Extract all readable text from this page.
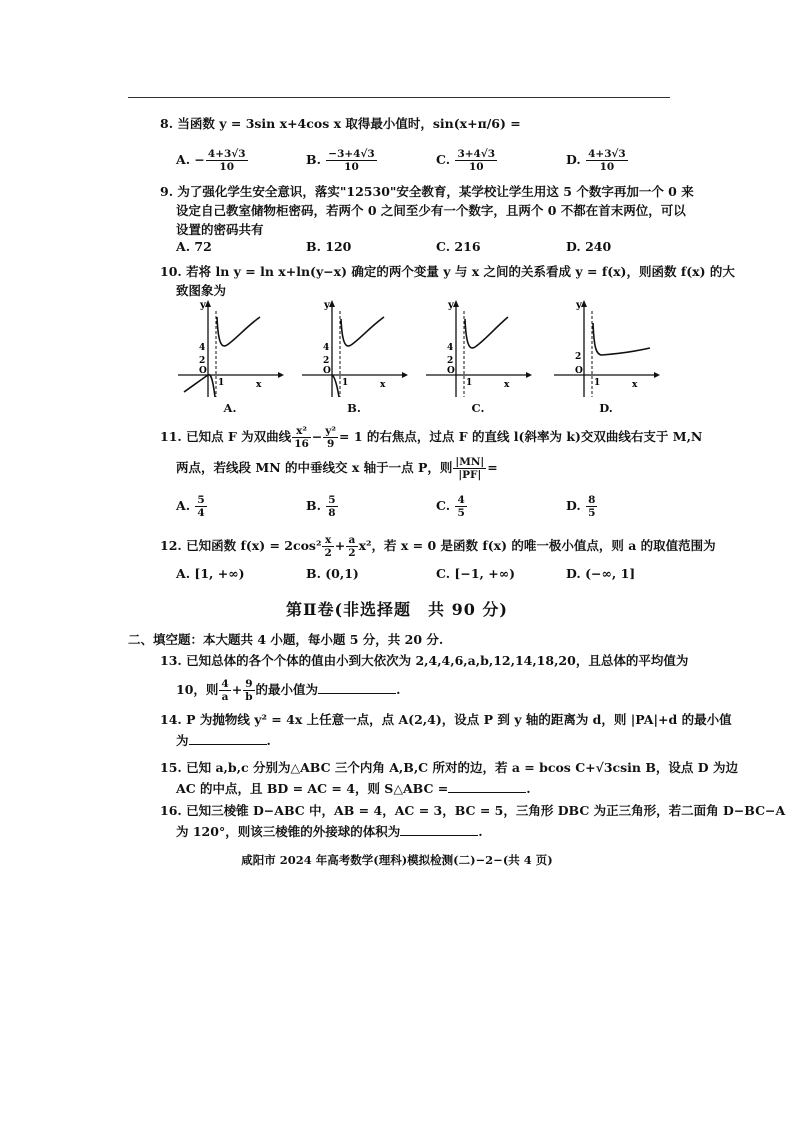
8. 当函数 y = 3sin x+4cos x 取得最小值时，sin(x+π/6) =
A. − $\frac{4+3√3}{10}$	B. $\frac{-3+4√3}{10}$	C. $\frac{3+4√3}{10}$	D. $\frac{4+3√3}{10}$
9. 为了强化学生安全意识，落实"12530"安全教育，某学校让学生用这 5 个数字再加一个 0 来
设定自己教室储物柜密码，若两个 0 之间至少有一个数字，且两个 0 不都在首末两位，可以
设置的密码共有
A. 72	B. 120	C. 216	D. 240
10. 若将 ln y = ln x+ln(y−x) 确定的两个变量 y 与 x 之间的关系看成 y = f(x)，则函数 f(x) 的大
致图象为
y
4
2
O
1	x
A.
y
4
2
O
1	x
B.
y
4
2
O
1	x
C.
y
2
O
1	x
D.
11. 已知点 F 为双曲线 $\frac{\text{x²}}{16} - \frac{\text{y²}}{9} = 1$ 的右焦点，过点 F 的直线 l(斜率为 k)交双曲线右支于 M,N
两点，若线段 MN 的中垂线交 x 轴于一点 P，则 $\frac{|MN|}{|PF|}$ =
A. $\frac{5}{4}$	B. $\frac{5}{8}$	C. $\frac{4}{5}$	D. $\frac{8}{5}$
12. 已知函数 $f(x) = 2\cos^2 \frac{x}{2} + \frac{a}{2} x^2$，若 x = 0 是函数 f(x) 的唯一极小值点，则 a 的取值范围为
A. [1, +∞)	B. (0,1)	C. [−1, +∞)	D. (−∞, 1]
第Ⅱ卷(非选择题　共 90 分)
二、填空题：本大题共 4 小题，每小题 5 分，共 20 分.
13. 已知总体的各个个体的值由小到大依次为 2,4,4,6,a,b,12,14,18,20，且总体的平均值为
10，则 $\frac{4}{a} + \frac{9}{b}$ 的最小值为	.
14. P 为抛物线 y² = 4x 上任意一点，点 A(2,4)，设点 P 到 y 轴的距离为 d，则 |PA|+d 的最小值
为	.
15. 已知 a,b,c 分别为△ABC 三个内角 A,B,C 所对的边，若 a = bcos C+√3csin B，设点 D 为边
AC 的中点，且 BD = AC = 4，则 S△ABC =	.
16. 已知三棱锥 D−ABC 中，AB = 4，AC = 3，BC = 5，三角形 DBC 为正三角形，若二面角 D−BC−A
为 120°，则该三棱锥的外接球的体积为	.
咸阳市 2024 年高考数学(理科)模拟检测(二)−2−(共 4 页)
